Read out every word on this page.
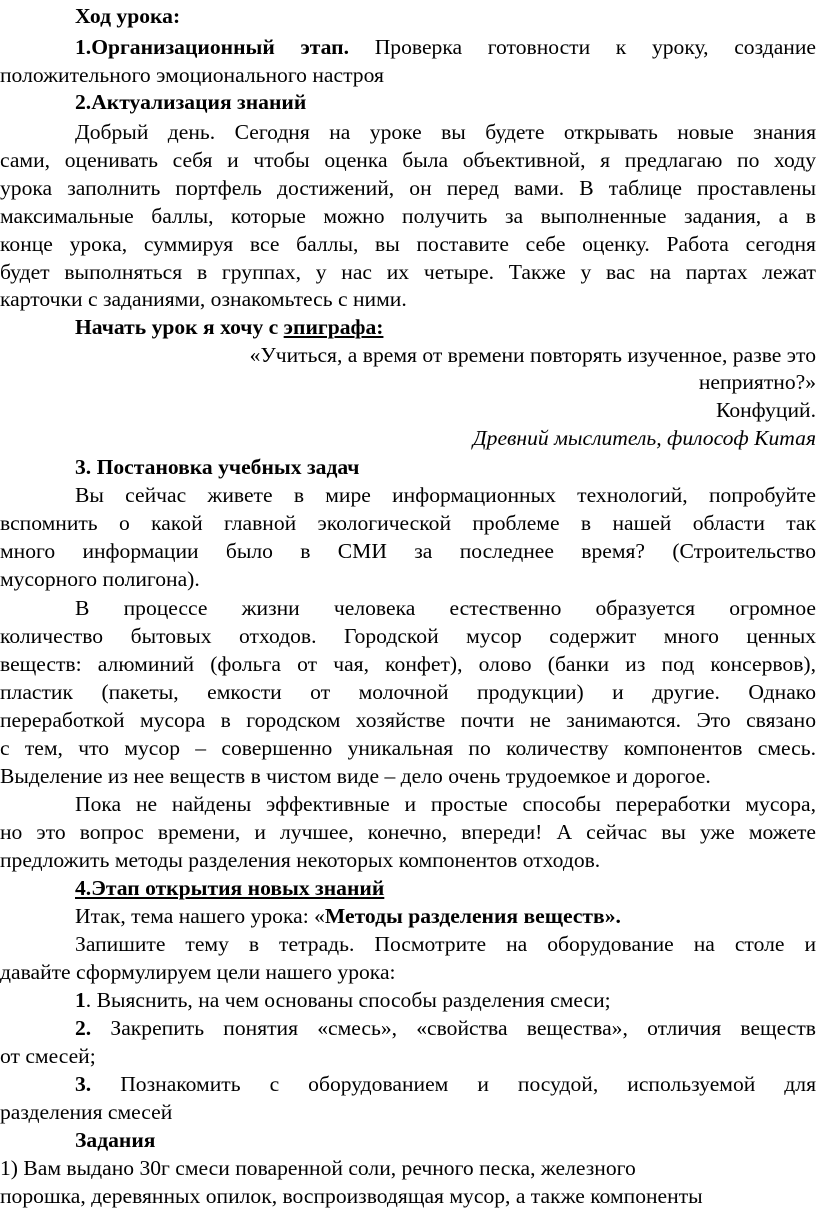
Ход урока:
1.Организационный этап. Проверка готовности к уроку, создание
положительного эмоционального настроя
2.Актуализация знаний
Добрый день. Сегодня на уроке вы будете открывать новые знания
сами, оценивать себя и чтобы оценка была объективной, я предлагаю по ходу
урока заполнить портфель достижений, он перед вами. В таблице проставлены
максимальные баллы, которые можно получить за выполненные задания, а в
конце урока, суммируя все баллы, вы поставите себе оценку. Работа сегодня
будет выполняться в группах, у нас их четыре. Также у вас на партах лежат
карточки с заданиями, ознакомьтесь с ними.
Начать урок я хочу с эпиграфа:
«Учиться, а время от времени повторять изученное, разве это
неприятно?»
Конфуций.
Древний мыслитель, философ Китая
3. Постановка учебных задач
Вы сейчас живете в мире информационных технологий, попробуйте
вспомнить о какой главной экологической проблеме в нашей области так
много информации было в СМИ за последнее время? (Строительство
мусорного полигона).
В процессе жизни человека естественно образуется огромное
количество бытовых отходов. Городской мусор содержит много ценных
веществ: алюминий (фольга от чая, конфет), олово (банки из под консервов),
пластик (пакеты, емкости от молочной продукции) и другие. Однако
переработкой мусора в городском хозяйстве почти не занимаются. Это связано
с тем, что мусор – совершенно уникальная по количеству компонентов смесь.
Выделение из нее веществ в чистом виде – дело очень трудоемкое и дорогое.
Пока не найдены эффективные и простые способы переработки мусора,
но это вопрос времени, и лучшее, конечно, впереди! А сейчас вы уже можете
предложить методы разделения некоторых компонентов отходов.
4.Этап открытия новых знаний
Итак, тема нашего урока: «Методы разделения веществ».
Запишите тему в тетрадь. Посмотрите на оборудование на столе и
давайте сформулируем цели нашего урока:
1. Выяснить, на чем основаны способы разделения смеси;
2. Закрепить понятия «смесь», «свойства вещества», отличия веществ
от смесей;
3. Познакомить с оборудованием и посудой, используемой для
разделения смесей
Задания
1) Вам выдано 30г смеси поваренной соли, речного песка, железного
порошка, деревянных опилок, воспроизводящая мусор, а также компоненты
